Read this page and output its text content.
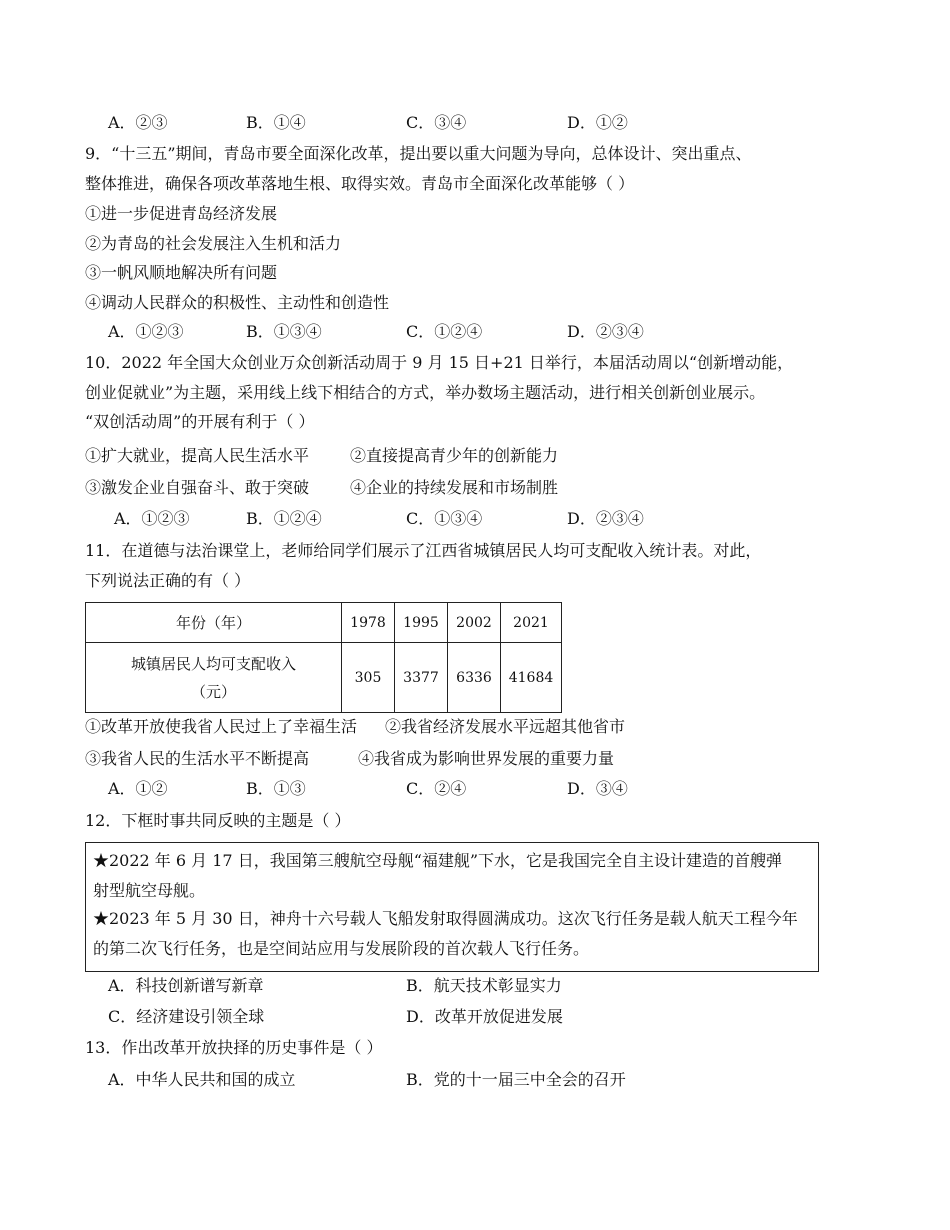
A．②③	B．①④	C．③④	D．①②
9．“十三五”期间，青岛市要全面深化改革，提出要以重大问题为导向，总体设计、突出重点、
整体推进，确保各项改革落地生根、取得实效。青岛市全面深化改革能够（ ）
①进一步促进青岛经济发展
②为青岛的社会发展注入生机和活力
③一帆风顺地解决所有问题
④调动人民群众的积极性、主动性和创造性
A．①②③	B．①③④	C．①②④	D．②③④
10．2022 年全国大众创业万众创新活动周于 9 月 15 日+21 日举行，本届活动周以“创新增动能，
创业促就业”为主题，采用线上线下相结合的方式，举办数场主题活动，进行相关创新创业展示。
“双创活动周”的开展有利于（ ）
①扩大就业，提高人民生活水平	②直接提高青少年的创新能力
③激发企业自强奋斗、敢于突破	④企业的持续发展和市场制胜
A．①②③	B．①②④	C．①③④	D．②③④
11．在道德与法治课堂上，老师给同学们展示了江西省城镇居民人均可支配收入统计表。对此，
下列说法正确的有（ ）
年份（年）	1978	1995	2002	2021

城镇居民人均可支配收入
（元）	305	3377	6336	41684
①改革开放使我省人民过上了幸福生活 ②我省经济发展水平远超其他省市
③我省人民的生活水平不断提高	④我省成为影响世界发展的重要力量
A．①②	B．①③	C．②④	D．③④
12．下框时事共同反映的主题是（ ）
★2022 年 6 月 17 日，我国第三艘航空母舰“福建舰”下水，它是我国完全自主设计建造的首艘弹
射型航空母舰。
★2023 年 5 月 30 日，神舟十六号载人飞船发射取得圆满成功。这次飞行任务是载人航天工程今年
的第二次飞行任务，也是空间站应用与发展阶段的首次载人飞行任务。
A．科技创新谱写新章	B．航天技术彰显实力
C．经济建设引领全球	D．改革开放促进发展
13．作出改革开放抉择的历史事件是（ ）
A．中华人民共和国的成立	B．党的十一届三中全会的召开
